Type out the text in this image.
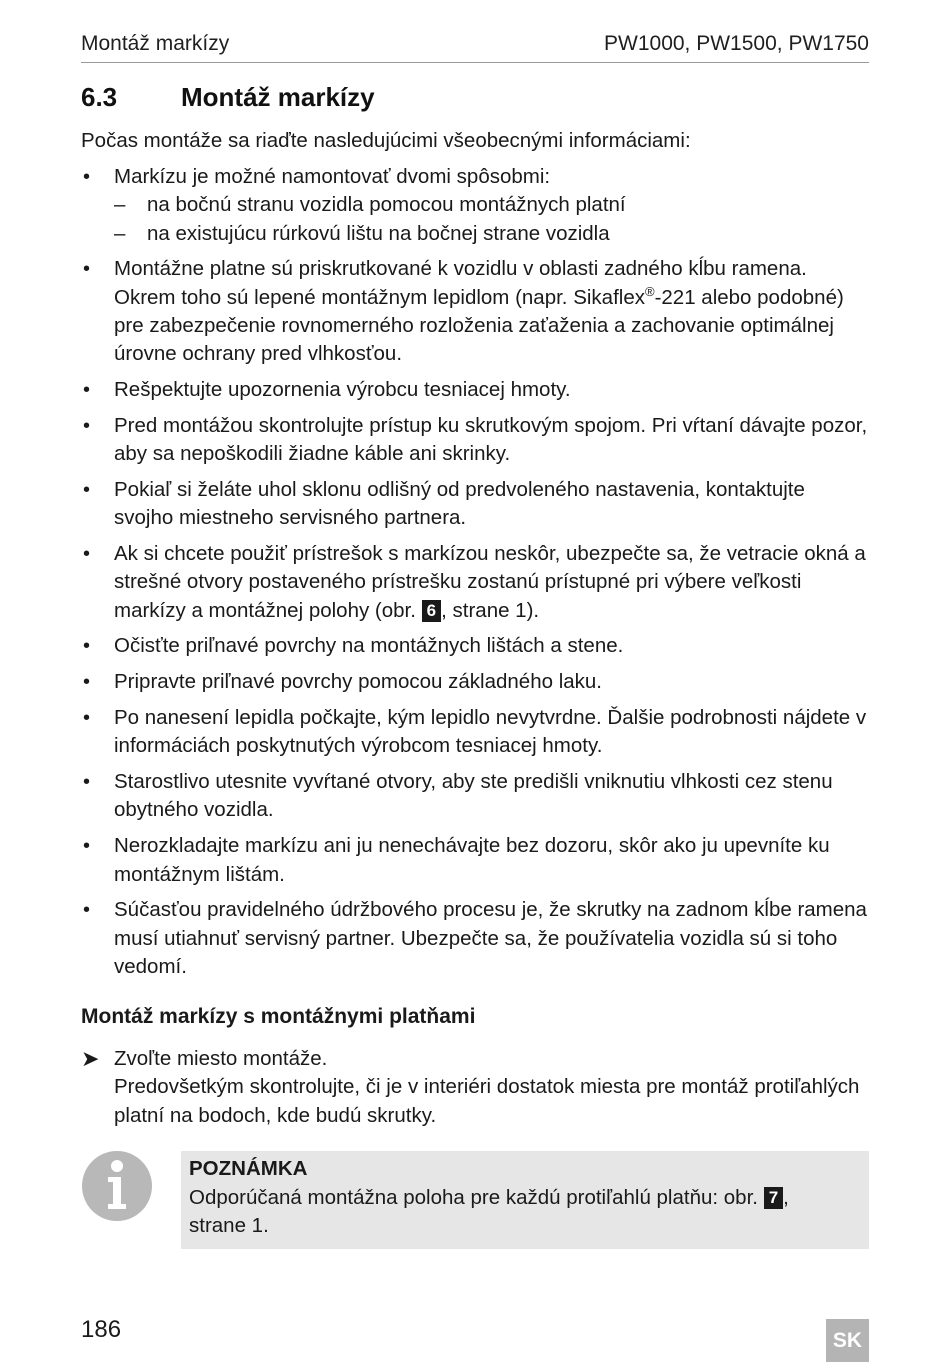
Montáž markízy	PW1000, PW1500, PW1750
6.3 Montáž markízy
Počas montáže sa riaďte nasledujúcimi všeobecnými informáciami:
• Markízu je možné namontovať dvomi spôsobmi:
– na bočnú stranu vozidla pomocou montážnych platní
– na existujúcu rúrkovú lištu na bočnej strane vozidla
• Montážne platne sú priskrutkované k vozidlu v oblasti zadného kĺbu ramena. Okrem toho sú lepené montážnym lepidlom (napr. Sikaflex®-221 alebo podobné) pre zabezpečenie rovnomerného rozloženia zaťaženia a zachovanie optimálnej úrovne ochrany pred vlhkosťou.
• Rešpektujte upozornenia výrobcu tesniacej hmoty.
• Pred montážou skontrolujte prístup ku skrutkovým spojom. Pri vŕtaní dávajte pozor, aby sa nepoškodili žiadne káble ani skrinky.
• Pokiaľ si želáte uhol sklonu odlišný od predvoleného nastavenia, kontaktujte svojho miestneho servisného partnera.
• Ak si chcete použiť prístrešok s markízou neskôr, ubezpečte sa, že vetracie okná a strešné otvory postaveného prístrešku zostanú prístupné pri výbere veľkosti markízy a montážnej polohy (obr. 6 , strane 1).
• Očisťte priľnavé povrchy na montážnych lištách a stene.
• Pripravte priľnavé povrchy pomocou základného laku.
• Po nanesení lepidla počkajte, kým lepidlo nevytvrdne. Ďalšie podrobnosti nájdete v informáciách poskytnutých výrobcom tesniacej hmoty.
• Starostlivo utesnite vyvŕtané otvory, aby ste predišli vniknutiu vlhkosti cez stenu obytného vozidla.
• Nerozkladajte markízu ani ju nenechávajte bez dozoru, skôr ako ju upevníte ku montážnym lištám.
• Súčasťou pravidelného údržbového procesu je, že skrutky na zadnom kĺbe ramena musí utiahnuť servisný partner. Ubezpečte sa, že používatelia vozidla sú si toho vedomí.
Montáž markízy s montážnymi platňami
➤ Zvoľte miesto montáže.
Predovšetkým skontrolujte, či je v interiéri dostatok miesta pre montáž protiľahlých platní na bodoch, kde budú skrutky.
POZNÁMKA
Odporúčaná montážna poloha pre každú protiľahlú platňu: obr. 7 , strane 1.
186	SK
